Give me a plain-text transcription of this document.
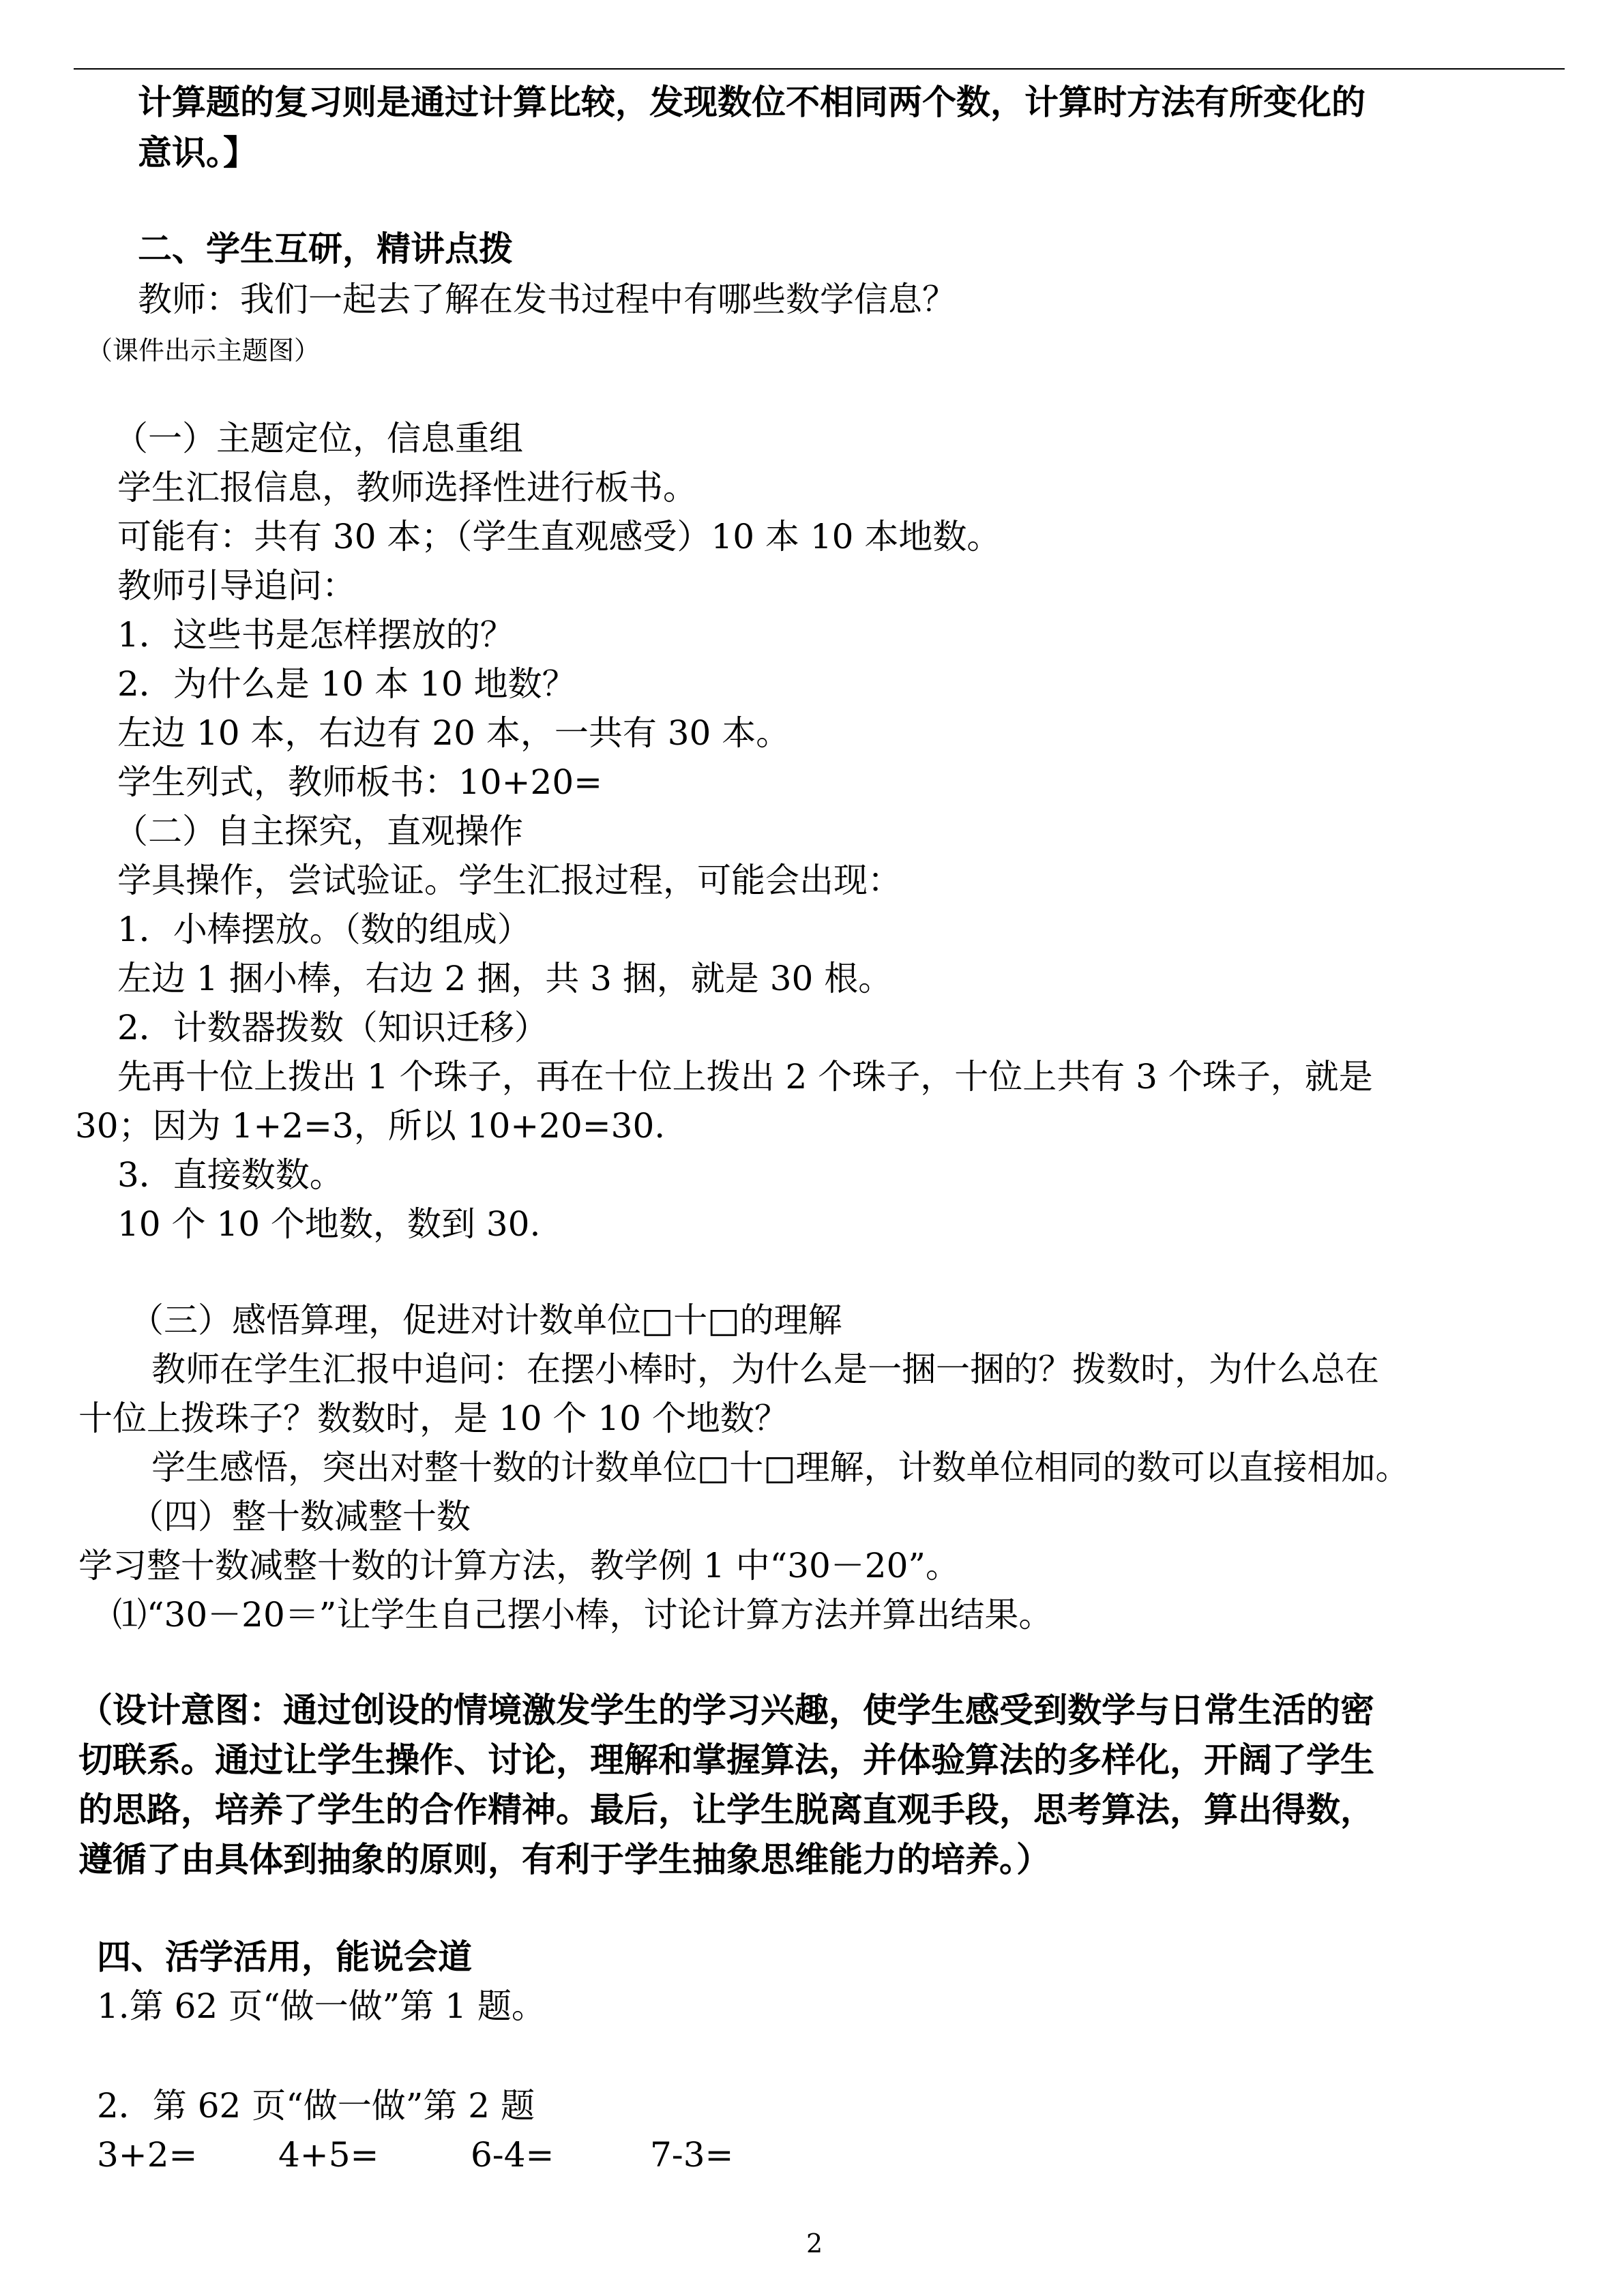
计算题的复习则是通过计算比较，发现数位不相同两个数，计算时方法有所变化的
意识。】
二、学生互研，精讲点拨
教师：我们一起去了解在发书过程中有哪些数学信息？
（课件出示主题图）
（一）主题定位，信息重组
学生汇报信息，教师选择性进行板书。
可能有：共有 30 本；（学生直观感受）10 本 10 本地数。
教师引导追问：
1．这些书是怎样摆放的？
2．为什么是 10 本 10 地数？
左边 10 本，右边有 20 本，一共有 30 本。
学生列式，教师板书：10+20=
（二）自主探究，直观操作
学具操作，尝试验证。学生汇报过程，可能会出现：
1．小棒摆放。（数的组成）
左边 1 捆小棒，右边 2 捆，共 3 捆，就是 30 根。
2．计数器拨数（知识迁移）
先再十位上拨出 1 个珠子，再在十位上拨出 2 个珠子，十位上共有 3 个珠子，就是
30；因为 1+2=3，所以 10+20=30.
3．直接数数。
10 个 10 个地数，数到 30.
（三）感悟算理，促进对计数单位□十□的理解
教师在学生汇报中追问：在摆小棒时，为什么是一捆一捆的？拨数时，为什么总在
十位上拨珠子？数数时，是 10 个 10 个地数？
学生感悟，突出对整十数的计数单位□十□理解，计数单位相同的数可以直接相加。
（四）整十数减整十数
学习整十数减整十数的计算方法，教学例 1 中“30－20”。
⑴“30－20＝”让学生自己摆小棒，讨论计算方法并算出结果。
（设计意图：通过创设的情境激发学生的学习兴趣，使学生感受到数学与日常生活的密
切联系。通过让学生操作、讨论，理解和掌握算法，并体验算法的多样化，开阔了学生
的思路，培养了学生的合作精神。最后，让学生脱离直观手段，思考算法，算出得数，
遵循了由具体到抽象的原则，有利于学生抽象思维能力的培养。）
四、活学活用，能说会道
1.第 62 页“做一做”第 1 题。
2．第 62 页“做一做”第 2 题
3+2= 4+5=	6-4=	7-3=
2
